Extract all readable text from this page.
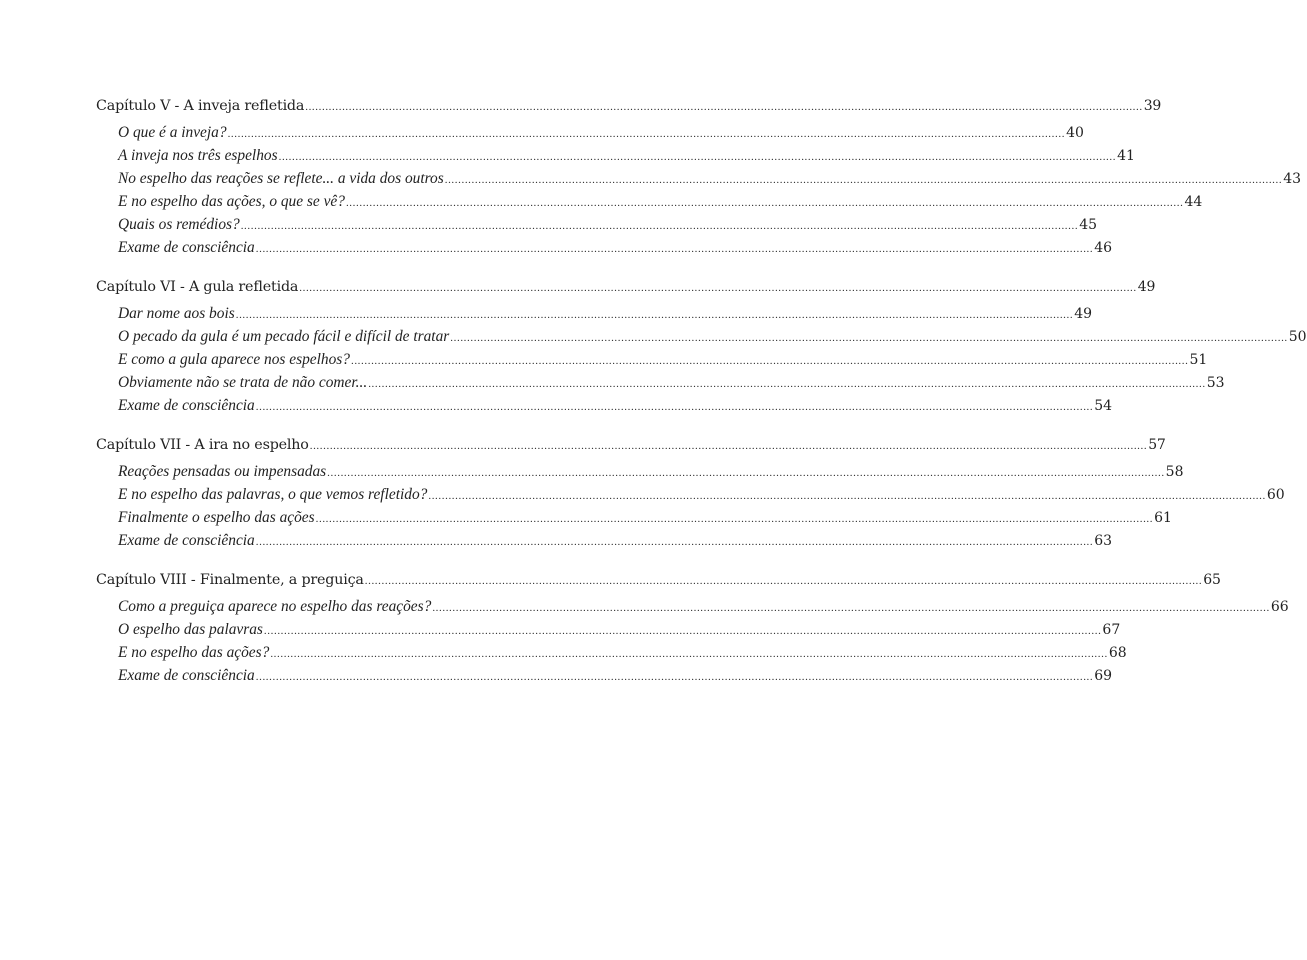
Capítulo V - A inveja refletida .....	39
O que é a inveja? .....	40
A inveja nos três espelhos .....	41
No espelho das reações se reflete... a vida dos outros .....	43
E no espelho das ações, o que se vê? .....	44
Quais os remédios? .....	45
Exame de consciência .....	46
Capítulo VI - A gula refletida .....	49
Dar nome aos bois .....	49
O pecado da gula é um pecado fácil e difícil de tratar .....	50
E como a gula aparece nos espelhos? .....	51
Obviamente não se trata de não comer... .....	53
Exame de consciência .....	54
Capítulo VII - A ira no espelho .....	57
Reações pensadas ou impensadas .....	58
E no espelho das palavras, o que vemos refletido? .....	60
Finalmente o espelho das ações .....	61
Exame de consciência .....	63
Capítulo VIII - Finalmente, a preguiça .....	65
Como a preguiça aparece no espelho das reações? .....	66
O espelho das palavras .....	67
E no espelho das ações? .....	68
Exame de consciência .....	69
